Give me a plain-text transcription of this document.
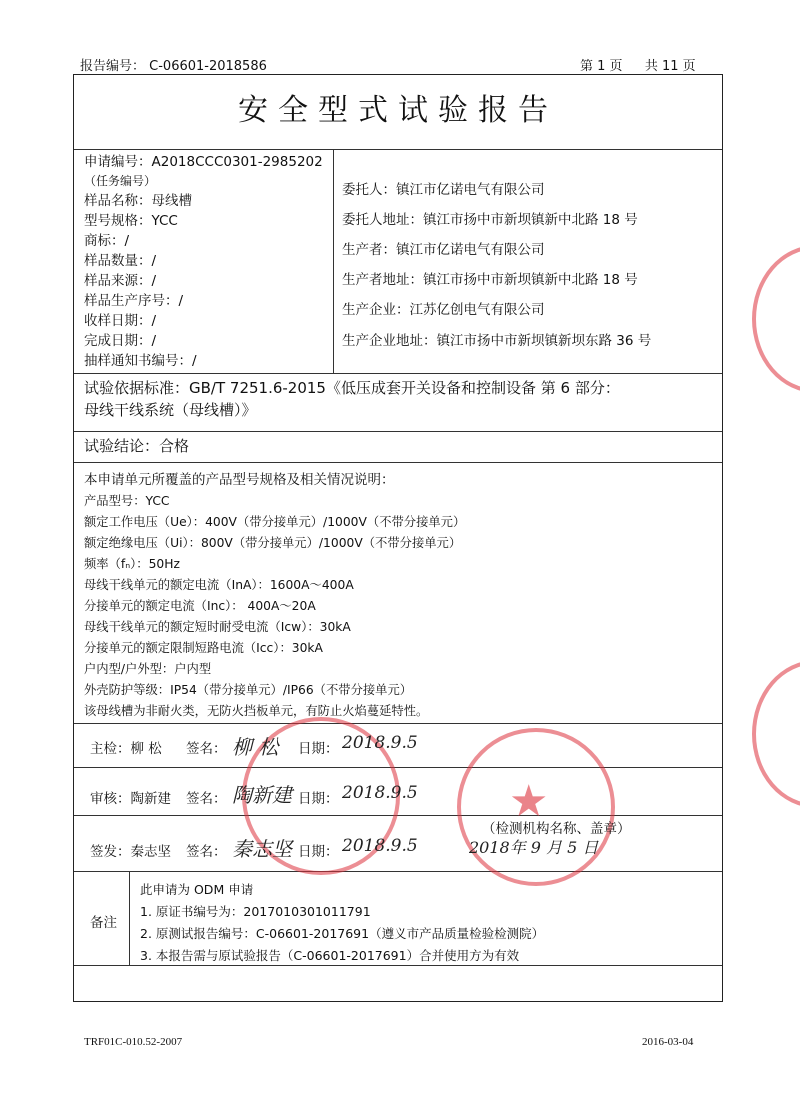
报告编号： C-06601-2018586	第 1 页 共 11 页
安全型式试验报告
申请编号：A2018CCC0301-2985202
（任务编号）
样品名称：母线槽
型号规格：YCC
商标：/
样品数量：/
样品来源：/
样品生产序号：/
收样日期：/
完成日期：/
抽样通知书编号：/
委托人：镇江市亿诺电气有限公司
委托人地址：镇江市扬中市新坝镇新中北路 18 号
生产者：镇江市亿诺电气有限公司
生产者地址：镇江市扬中市新坝镇新中北路 18 号
生产企业：江苏亿创电气有限公司
生产企业地址：镇江市扬中市新坝镇新坝东路 36 号
试验依据标准：GB/T 7251.6-2015《低压成套开关设备和控制设备 第 6 部分：
母线干线系统（母线槽）》
试验结论：合格
本申请单元所覆盖的产品型号规格及相关情况说明：
产品型号：YCC
额定工作电压（Ue）：400V（带分接单元）/1000V（不带分接单元）
额定绝缘电压（Ui）：800V（带分接单元）/1000V（不带分接单元）
频率（fₙ）：50Hz
母线干线单元的额定电流（InA）：1600A～400A
分接单元的额定电流（Inc）： 400A～20A
母线干线单元的额定短时耐受电流（Icw）：30kA
分接单元的额定限制短路电流（Icc）：30kA
户内型/户外型：户内型
外壳防护等级：IP54（带分接单元）/IP66（不带分接单元）
该母线槽为非耐火类，无防火挡板单元，有防止火焰蔓延特性。
★
主检：柳 松 签名： 柳 松 日期： 2018.9.5
审核：陶新建 签名： 陶新建 日期： 2018.9.5
签发：秦志坚 签名： 秦志坚 日期： 2018.9.5
（检测机构名称、盖章）
2018年 9 月 5 日
备注
此申请为 ODM 申请
1. 原证书编号为：2017010301011791
2. 原测试报告编号：C-06601-2017691（遵义市产品质量检验检测院）
3. 本报告需与原试验报告（C-06601-2017691）合并使用方为有效
TRF01C-010.52-2007	2016-03-04
